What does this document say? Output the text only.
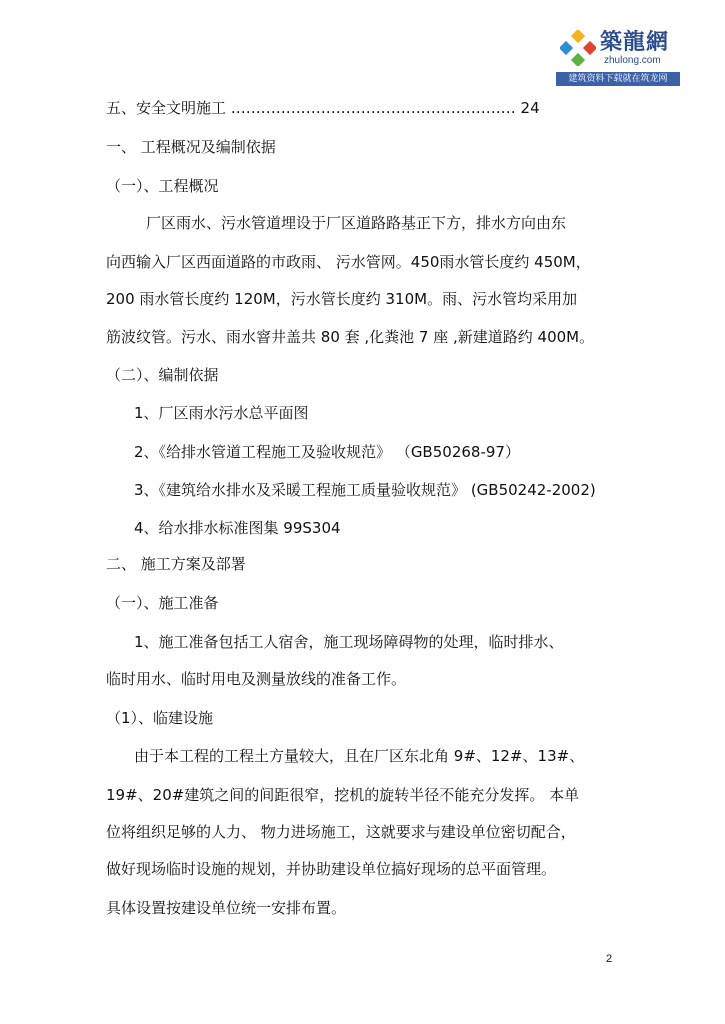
築龍網
zhulong.com
建筑资料下载就在筑龙网
五、安全文明施工 ………………………………………………… 24
一、 工程概况及编制依据
（一）、工程概况
厂区雨水、污水管道埋设于厂区道路路基正下方，排水方向由东
向西输入厂区西面道路的市政雨、 污水管网。450雨水管长度约 450M，
200 雨水管长度约 120M，污水管长度约 310M。雨、污水管均采用加
筋波纹管。污水、雨水窨井盖共 80 套 ,化粪池 7 座 ,新建道路约 400M。
（二）、编制依据
1、厂区雨水污水总平面图
2、《给排水管道工程施工及验收规范》 （GB50268-97）
3、《建筑给水排水及采暖工程施工质量验收规范》 (GB50242-2002)
4、给水排水标准图集 99S304
二、 施工方案及部署
（一）、施工准备
1、施工准备包括工人宿舍，施工现场障碍物的处理，临时排水、
临时用水、临时用电及测量放线的准备工作。
（1）、临建设施
由于本工程的工程土方量较大，且在厂区东北角 9#、12#、13#、
19#、20#建筑之间的间距很窄，挖机的旋转半径不能充分发挥。 本单
位将组织足够的人力、 物力进场施工，这就要求与建设单位密切配合，
做好现场临时设施的规划，并协助建设单位搞好现场的总平面管理。
具体设置按建设单位统一安排布置。
2
